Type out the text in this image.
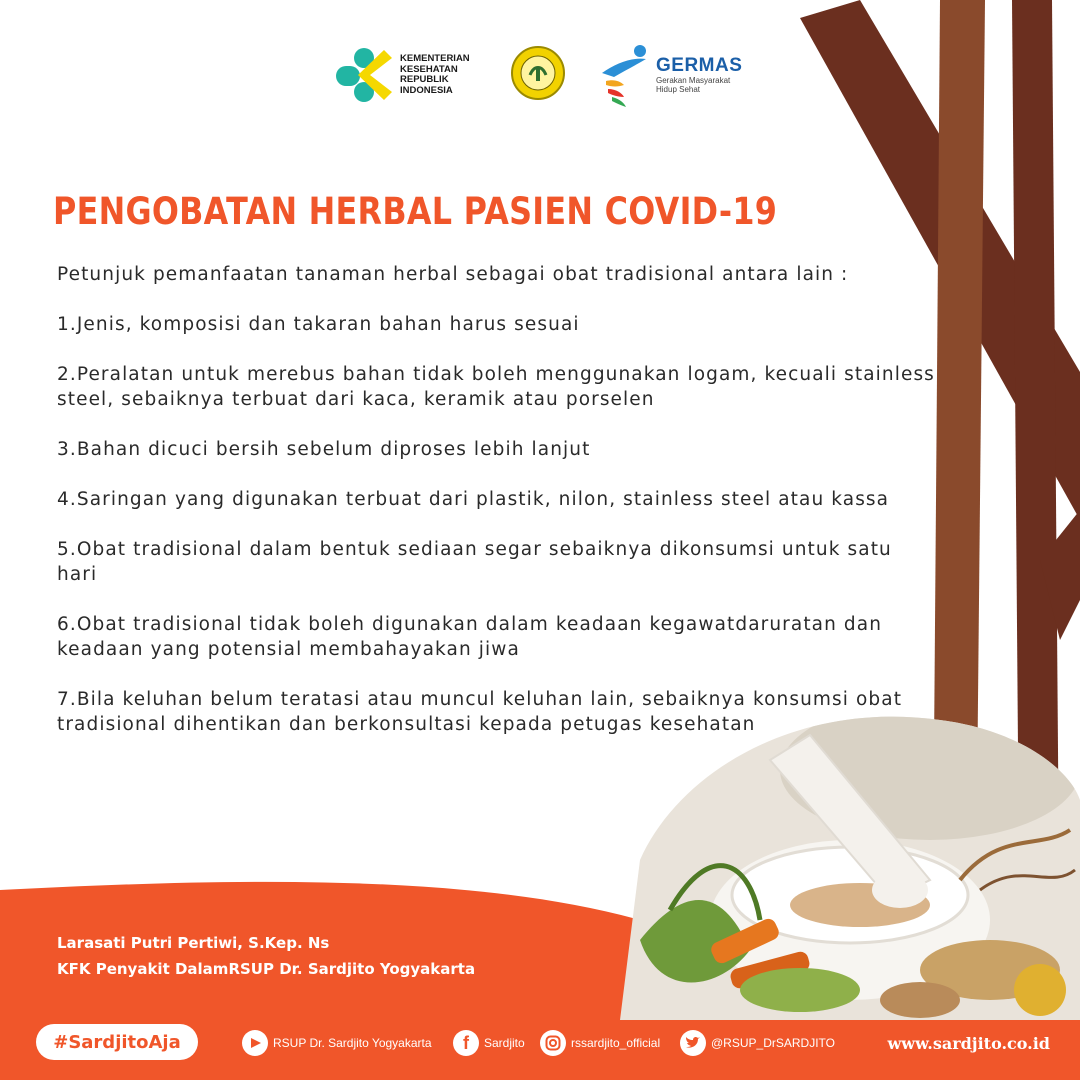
KEMENTERIAN
KESEHATAN
REPUBLIK
INDONESIA
GERMAS
Gerakan Masyarakat
Hidup Sehat
PENGOBATAN HERBAL PASIEN COVID-19

Petunjuk pemanfaatan tanaman herbal sebagai obat tradisional antara lain :

1.Jenis, komposisi dan takaran bahan harus sesuai

2.Peralatan untuk merebus bahan tidak boleh menggunakan logam, kecuali stainless steel, sebaiknya terbuat dari kaca, keramik atau porselen

3.Bahan dicuci bersih sebelum diproses lebih lanjut

4.Saringan yang digunakan terbuat dari plastik, nilon, stainless steel atau kassa

5.Obat tradisional dalam bentuk sediaan segar sebaiknya dikonsumsi untuk satu hari

6.Obat tradisional tidak boleh digunakan dalam keadaan kegawatdaruratan dan keadaan yang potensial membahayakan jiwa

7.Bila keluhan belum teratasi atau muncul keluhan lain, sebaiknya konsumsi obat tradisional dihentikan dan berkonsultasi kepada petugas kesehatan

Larasati Putri Pertiwi, S.Kep. Ns
KFK Penyakit DalamRSUP Dr. Sardjito Yogyakarta
#SardjitoAja	RSUP Dr. Sardjito Yogyakarta f Sardjito	rssardjito_official	@RSUP_DrSARDJITO	www.sardjito.co.id
